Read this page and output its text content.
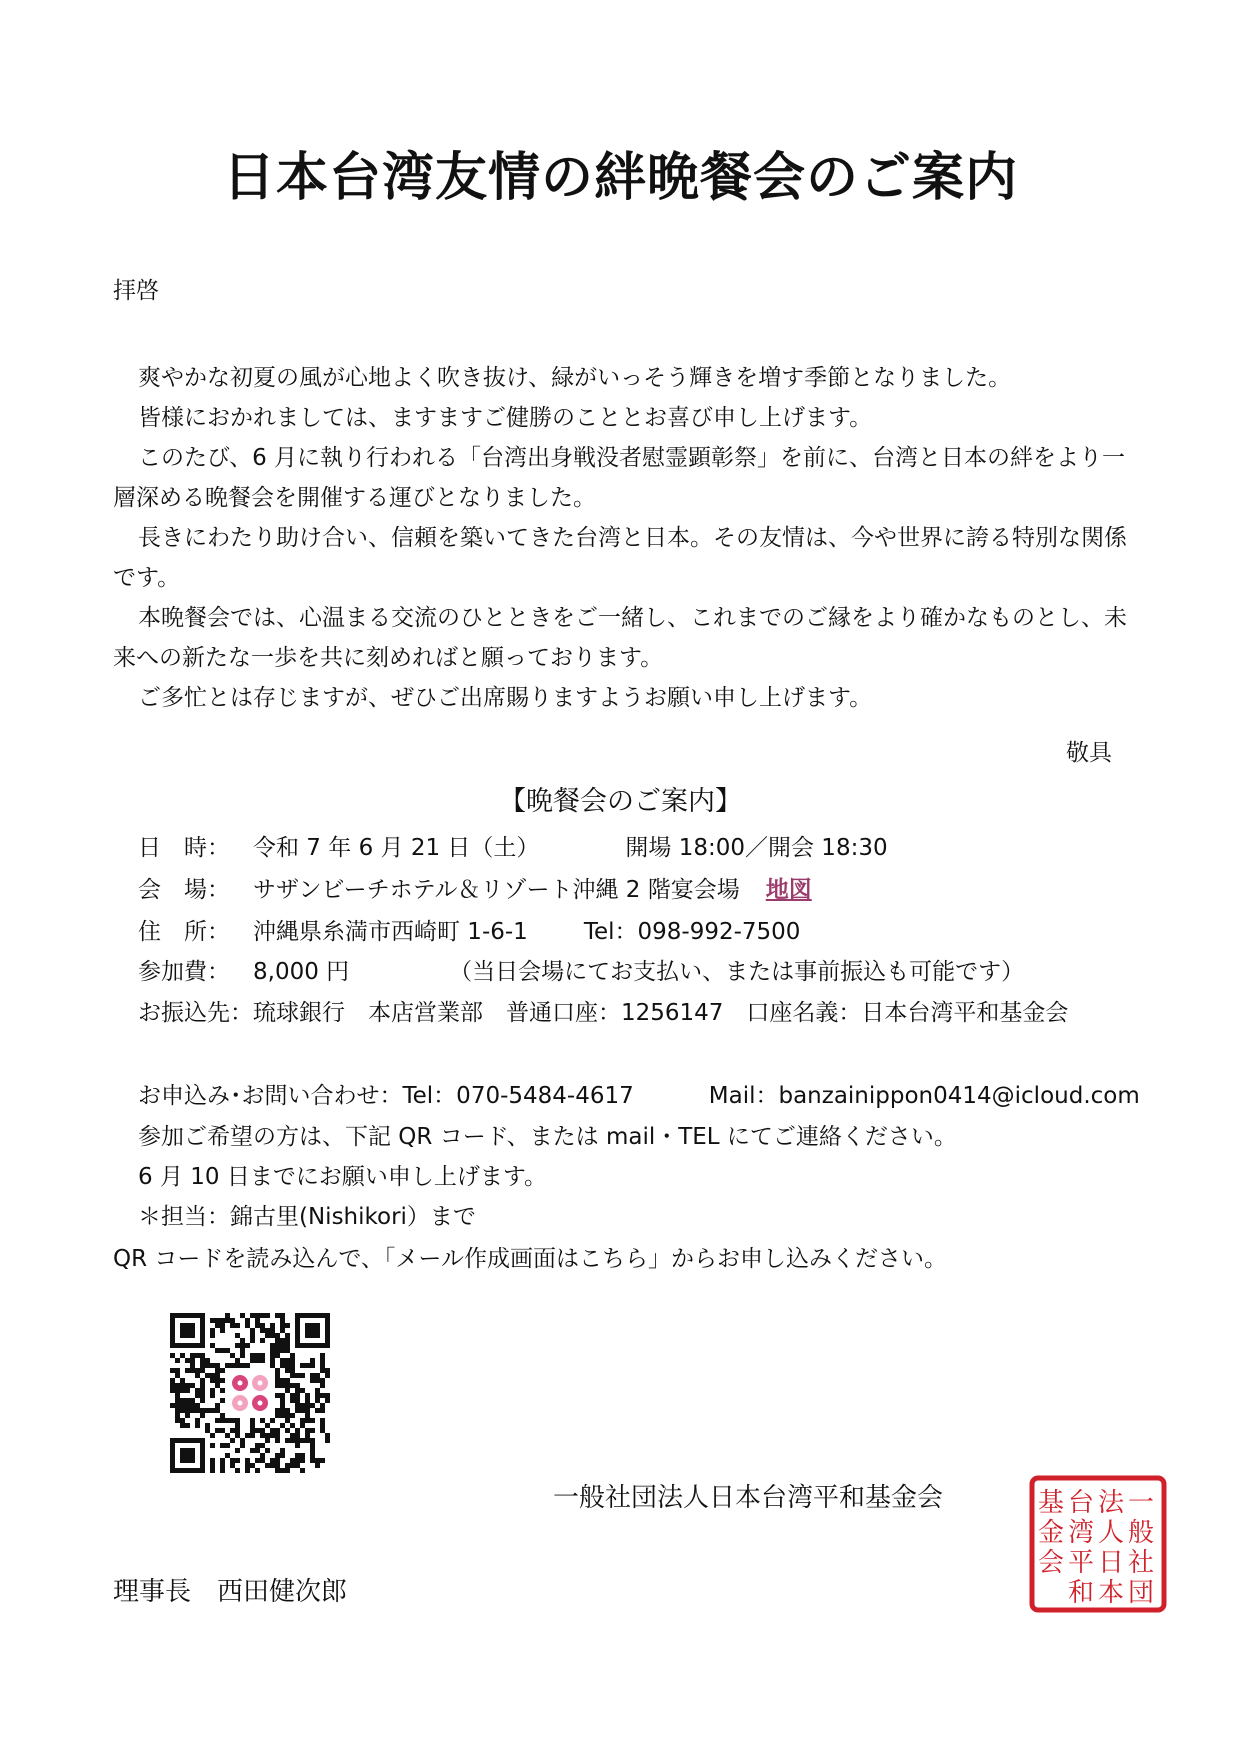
日本台湾友情の絆晩餐会のご案内
拝啓

爽やかな初夏の風が心地よく吹き抜け、緑がいっそう輝きを増す季節となりました。

皆様におかれましては、ますますご健勝のこととお喜び申し上げます。

このたび、6 月に執り行われる「台湾出身戦没者慰霊顕彰祭」を前に、台湾と日本の絆をより一層深める晩餐会を開催する運びとなりました。

長きにわたり助け合い、信頼を築いてきた台湾と日本。その友情は、今や世界に誇る特別な関係です。

本晩餐会では、心温まる交流のひとときをご一緒し、これまでのご縁をより確かなものとし、未来への新たな一歩を共に刻めればと願っております。

ご多忙とは存じますが、ぜひご出席賜りますようお願い申し上げます。

敬具
【晩餐会のご案内】
日　時： 令和 7 年 6 月 21 日（土）	開場 18:00／開会 18:30
会　場： サザンビーチホテル＆リゾート沖縄 2 階宴会場 地図
住　所： 沖縄県糸満市西崎町 1-6-1 Tel：098-992-7500
参加費： 8,000 円	（当日会場にてお支払い、または事前振込も可能です）
お振込先：琉球銀行　本店営業部　普通口座：1256147　口座名義：日本台湾平和基金会
お申込み･お問い合わせ：Tel：070-5484-4617	Mail：banzainippon0414@icloud.com
参加ご希望の方は、下記 QR コード、または mail・TEL にてご連絡ください。
6 月 10 日までにお願い申し上げます。
＊担当：錦古里(Nishikori）まで
QR コードを読み込んで、「メール作成画面はこちら」からお申し込みください。
一般社団法人日本台湾平和基金会
理事長　西田健次郎
一
般
社
団
法
人
日
本
台
湾
平
和
基
金
会
